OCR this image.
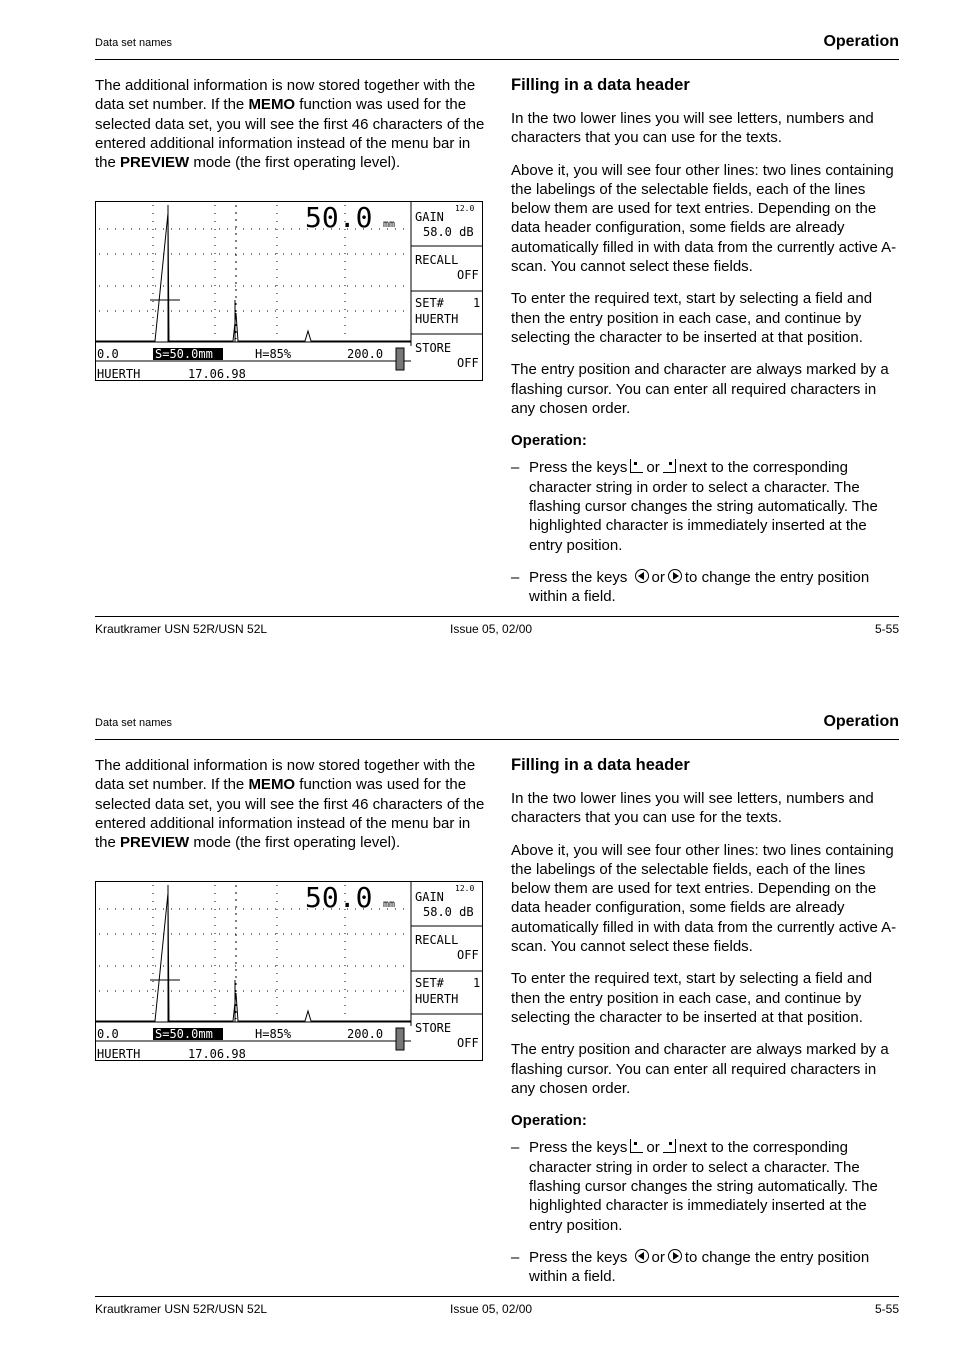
Data set names	Operation
The additional information is now stored together with the data set number. If the MEMO function was used for the selected data set, you will see the first 46 characters of the entered additional information instead of the menu bar in the PREVIEW mode (the first operating level).
50.0 mm
GAIN
12.0
58.0 dB
RECALL
OFF
SET# 1
HUERTH
STORE
OFF
0.0	S=50.0mm	H=85%	200.0
HUERTH	17.06.98
Filling in a data header

In the two lower lines you will see letters, numbers and characters that you can use for the texts.

Above it, you will see four other lines: two lines containing the labelings of the selectable fields, each of the lines below them are used for text entries. Depending on the data header configuration, some fields are already automatically filled in with data from the currently active A-scan. You cannot select these fields.

To enter the required text, start by selecting a field and then the entry position in each case, and continue by selecting the character to be inserted at that position.

The entry position and character are always marked by a flashing cursor. You can enter all required characters in any chosen order.

Operation:

– Press the keys or next to the corresponding character string in order to select a character. The flashing cursor changes the string automatically. The highlighted character is immediately inserted at the entry position.
– Press the keys or to change the entry position within a field.
Krautkramer USN 52R/USN 52L	Issue 05, 02/00	5-55
Data set names	Operation
The additional information is now stored together with the data set number. If the MEMO function was used for the selected data set, you will see the first 46 characters of the entered additional information instead of the menu bar in the PREVIEW mode (the first operating level).
50.0 mm
GAIN
12.0
58.0 dB
RECALL
OFF
SET# 1
HUERTH
STORE
OFF
0.0	S=50.0mm	H=85%	200.0
HUERTH	17.06.98
Filling in a data header

In the two lower lines you will see letters, numbers and characters that you can use for the texts.

Above it, you will see four other lines: two lines containing the labelings of the selectable fields, each of the lines below them are used for text entries. Depending on the data header configuration, some fields are already automatically filled in with data from the currently active A-scan. You cannot select these fields.

To enter the required text, start by selecting a field and then the entry position in each case, and continue by selecting the character to be inserted at that position.

The entry position and character are always marked by a flashing cursor. You can enter all required characters in any chosen order.

Operation:

– Press the keys or next to the corresponding character string in order to select a character. The flashing cursor changes the string automatically. The highlighted character is immediately inserted at the entry position.
– Press the keys or to change the entry position within a field.
Krautkramer USN 52R/USN 52L	Issue 05, 02/00	5-55
